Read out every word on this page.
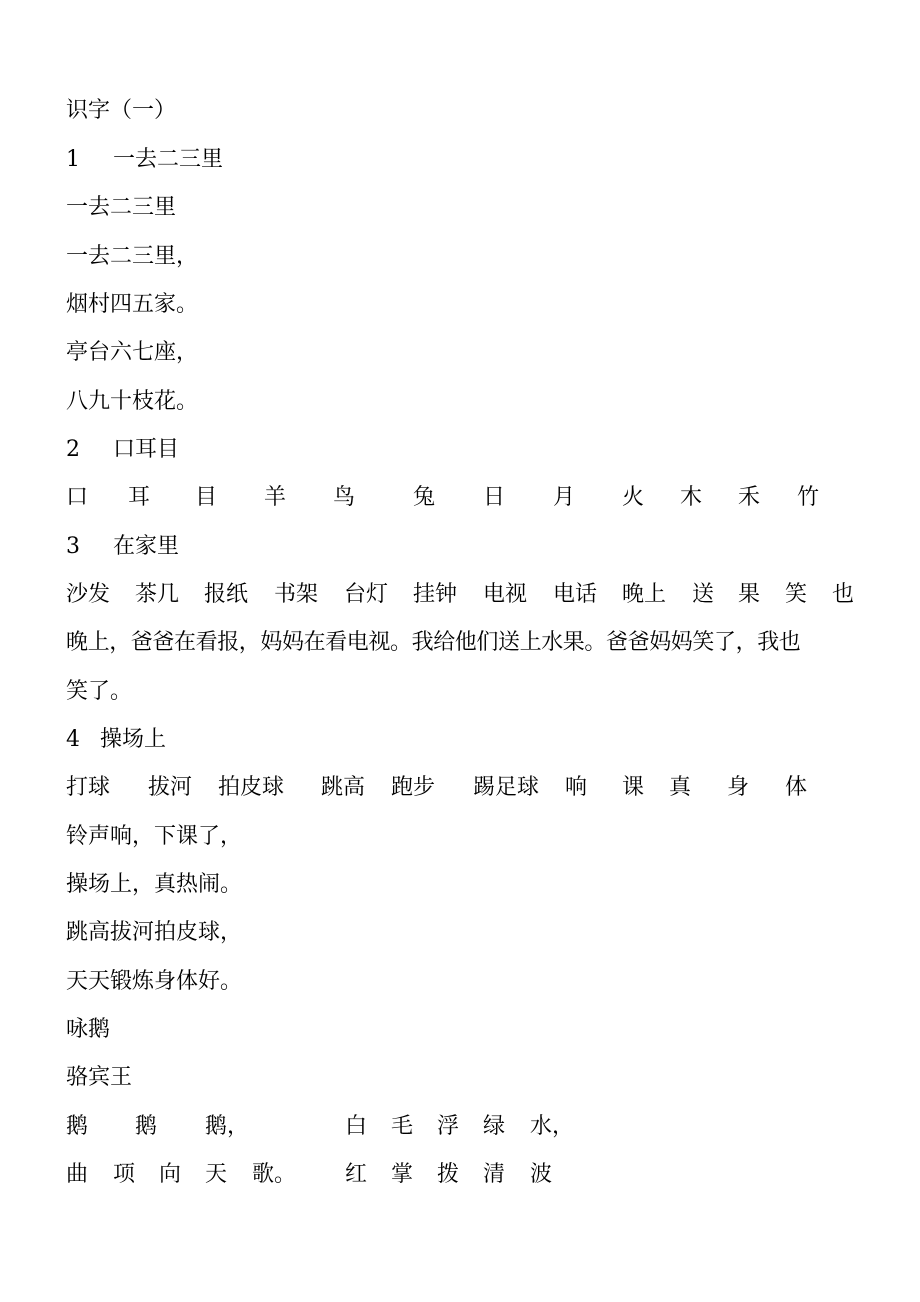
识字（一）
1 一去二三里
一去二三里
一去二三里，
烟村四五家。
亭台六七座，
八九十枝花。
2 口耳目
口 耳 目 羊 鸟	兔 日 月 火 木 禾 竹
3 在家里
沙发 茶几 报纸 书架 台灯 挂钟 电视 电话 晚上 送 果 笑 也
晚上，爸爸在看报，妈妈在看电视。我给他们送上水果。爸爸妈妈笑了，我也
笑了。
4 操场上
打球 拔河 拍皮球 跳高 跑步 踢足球 响 课 真 身 体
铃声响，下课了，
操场上，真热闹。
跳高拔河拍皮球，
天天锻炼身体好。
咏鹅
骆宾王
鹅 鹅 鹅，	白 毛 浮 绿 水，
曲 项 向 天 歌。 红 掌 拨 清 波
